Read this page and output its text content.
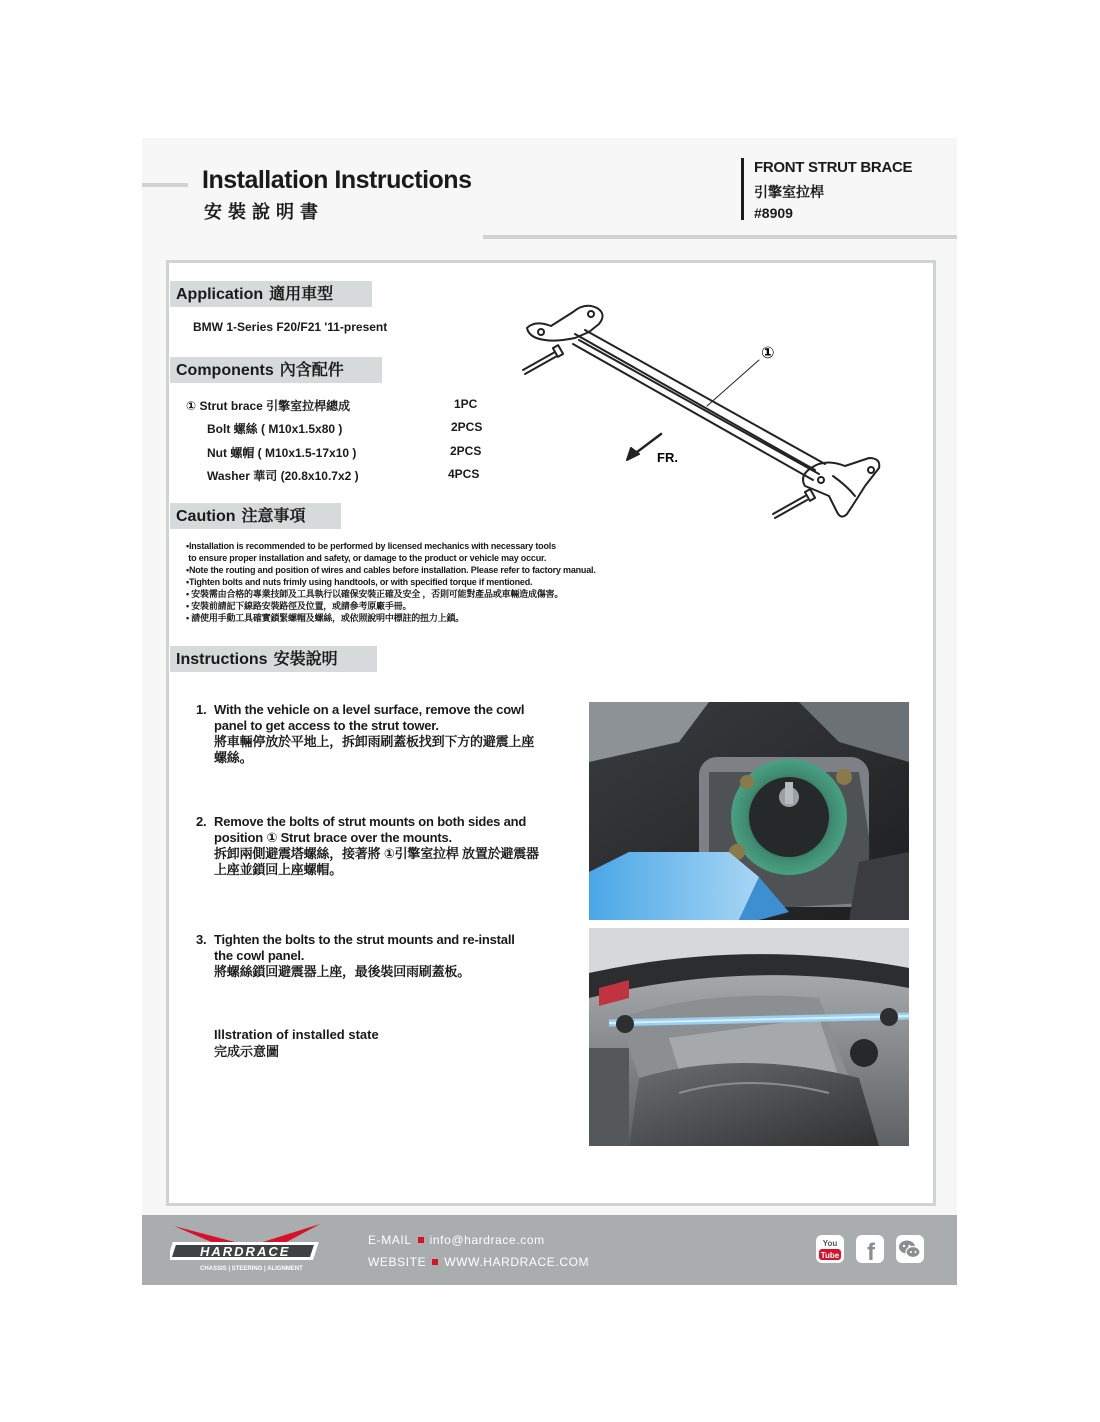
Installation Instructions
安裝說明書
FRONT STRUT BRACE
引擎室拉桿
#8909
Application 適用車型
BMW 1-Series F20/F21 '11-present
Components 內含配件
① Strut brace 引擎室拉桿總成	1PC
Bolt 螺絲 ( M10x1.5x80 )	2PCS
Nut 螺帽 ( M10x1.5-17x10 )	2PCS
Washer 華司 (20.8x10.7x2 )	4PCS
①
FR.
Caution 注意事項
•Installation is recommended to be performed by licensed mechanics with necessary tools
to ensure proper installation and safety, or damage to the product or vehicle may occur.
•Note the routing and position of wires and cables before installation. Please refer to factory manual.
•Tighten bolts and nuts frimly using handtools, or with specified torque if mentioned.
• 安裝需由合格的專業技師及工具執行以確保安裝正確及安全 ，否則可能對產品或車輛造成傷害。
• 安裝前請記下線路安裝路徑及位置，或請參考原廠手冊。
• 請使用手動工具確實鎖緊螺帽及螺絲，或依照說明中標註的扭力上鎖。
Instructions 安裝說明
1. With the vehicle on a level surface, remove the cowl
panel to get access to the strut tower.
將車輛停放於平地上，拆卸雨刷蓋板找到下方的避震上座
螺絲。
2. Remove the bolts of strut mounts on both sides and
position ① Strut brace over the mounts.
拆卸兩側避震塔螺絲，接著將 ①引擎室拉桿 放置於避震器
上座並鎖回上座螺帽。
3. Tighten the bolts to the strut mounts and re-install
the cowl panel.
將螺絲鎖回避震器上座，最後裝回雨刷蓋板。
Illstration of installed state
完成示意圖
HARDRACE
CHASSIS | STEERING | ALIGNMENT
E-MAIL info@hardrace.com
WEBSITE WWW.HARDRACE.COM
You
Tube f
